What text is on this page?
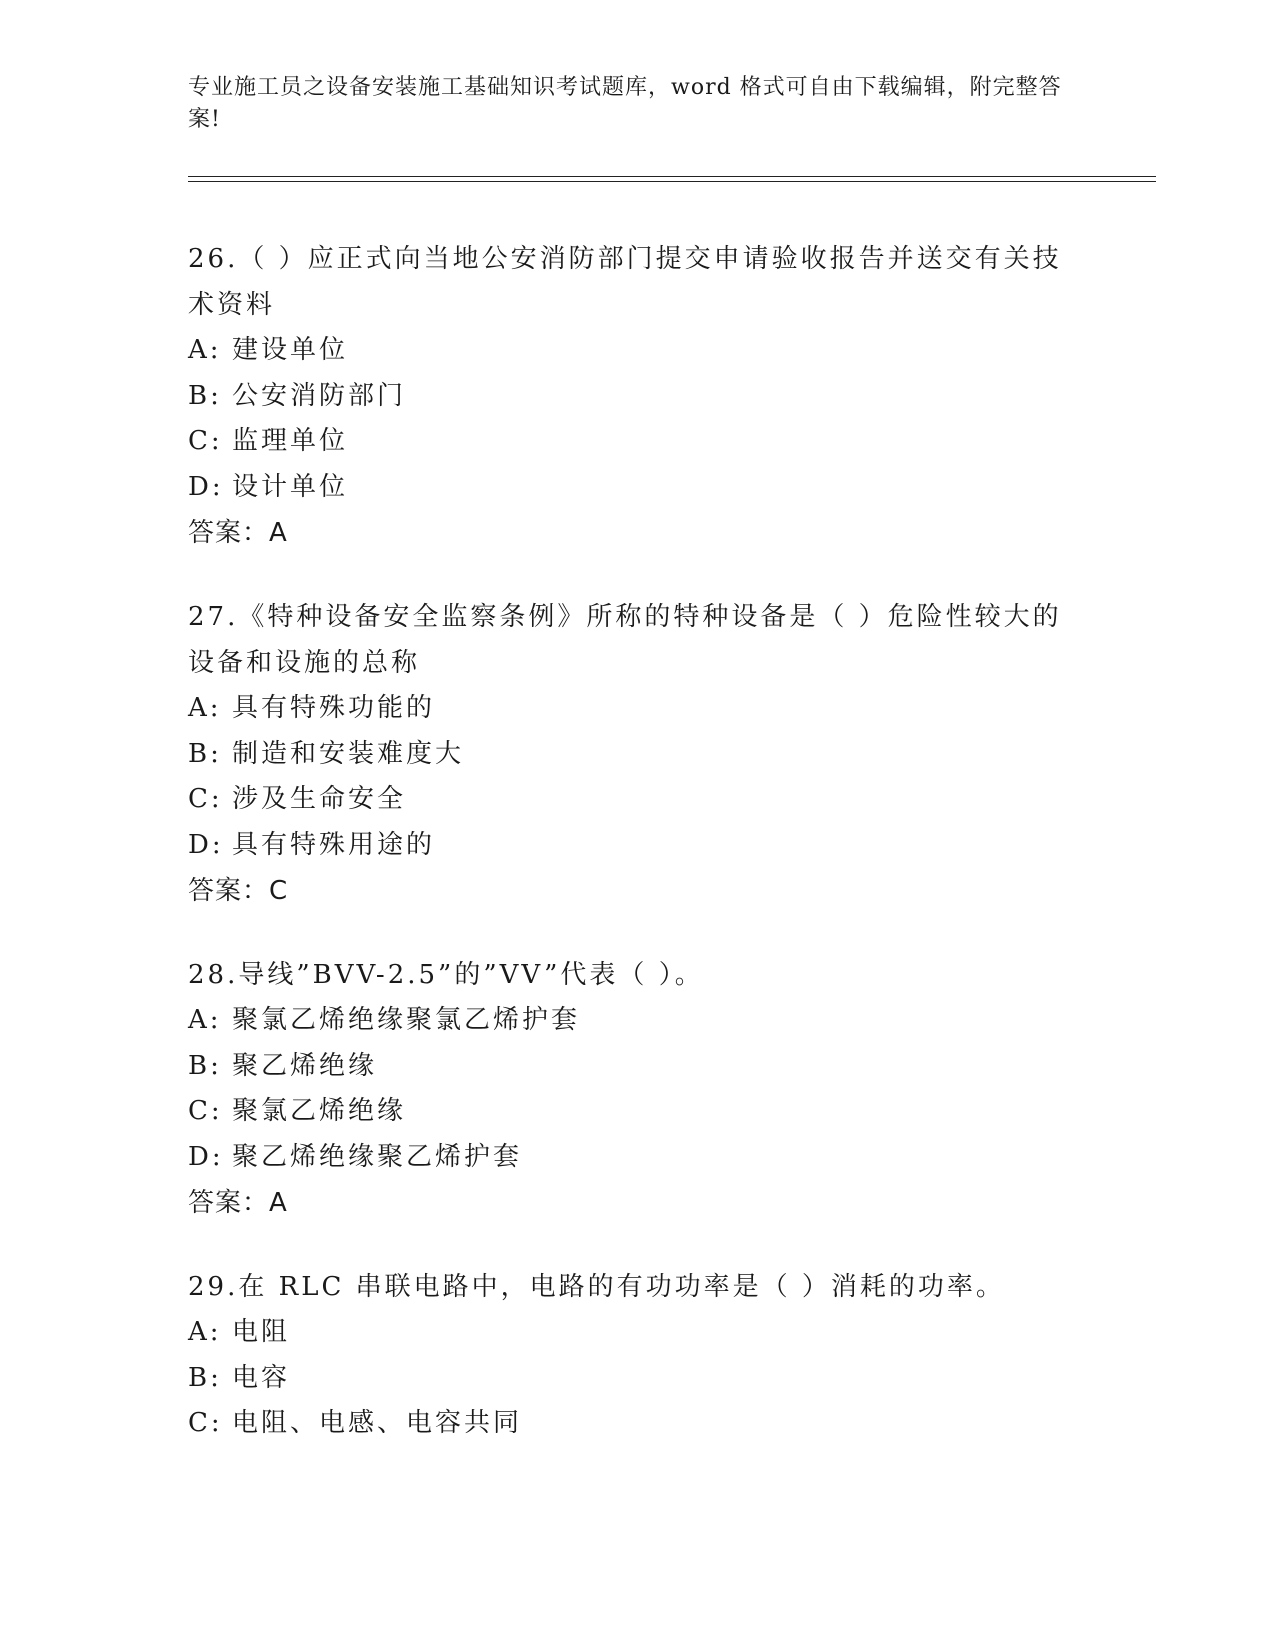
专业施工员之设备安装施工基础知识考试题库，word 格式可自由下载编辑，附完整答案!

26.（ ）应正式向当地公安消防部门提交申请验收报告并送交有关技术资料

A: 建设单位
B: 公安消防部门
C: 监理单位
D: 设计单位
答案：A

27.《特种设备安全监察条例》所称的特种设备是（ ）危险性较大的设备和设施的总称

A: 具有特殊功能的
B: 制造和安装难度大
C: 涉及生命安全
D: 具有特殊用途的
答案：C

28.导线”BVV-2.5”的”VV”代表（ ）。

A: 聚氯乙烯绝缘聚氯乙烯护套
B: 聚乙烯绝缘
C: 聚氯乙烯绝缘
D: 聚乙烯绝缘聚乙烯护套
答案：A

29.在 RLC 串联电路中，电路的有功功率是（ ）消耗的功率。

A: 电阻
B: 电容
C: 电阻、电感、电容共同
